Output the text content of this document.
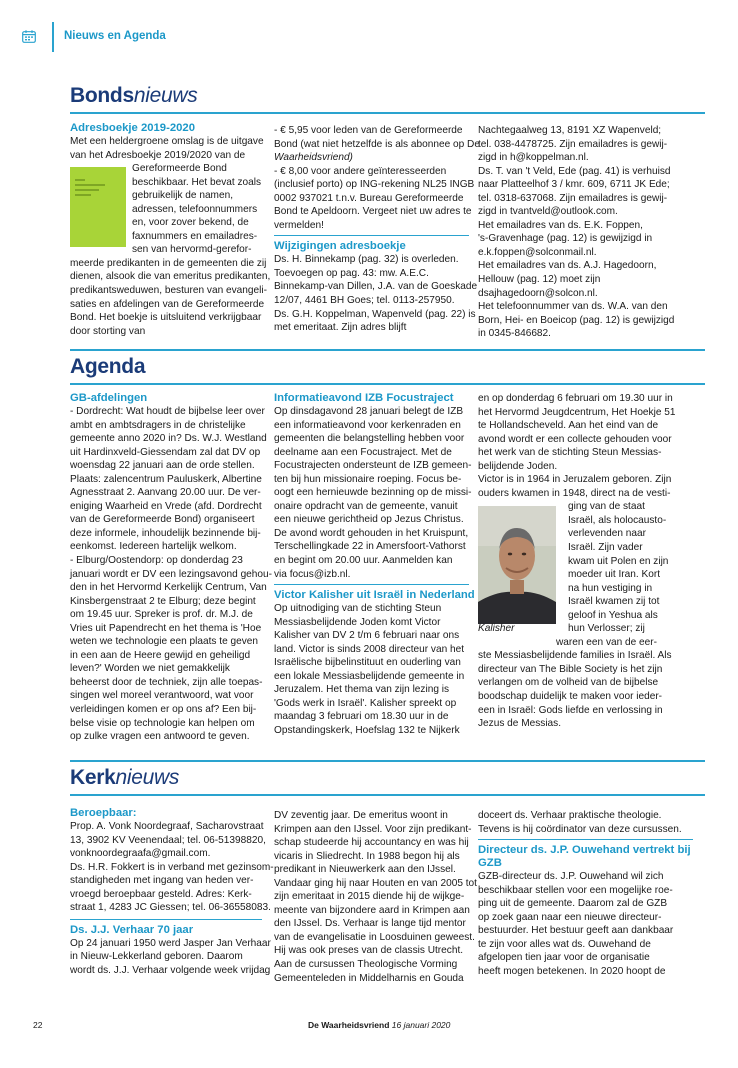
Nieuws en Agenda
Bondsnieuws
Adresboekje 2019-2020
Met een heldergroene omslag is de uitgave
van het Adresboekje 2019/2020 van de
Gereformeerde Bond
beschikbaar. Het bevat zoals
gebruikelijk de namen,
adressen, telefoonnummers
en, voor zover bekend, de
faxnummers en emailadres-
sen van hervormd-gerefor-
meerde predikanten in de gemeenten die zij
dienen, alsook die van emeritus predikanten,
predikantsweduwen, besturen van evangeli-
saties en afdelingen van de Gereformeerde
Bond. Het boekje is uitsluitend verkrijgbaar
door storting van
- € 5,95 voor leden van de Gereformeerde
Bond (wat niet hetzelfde is als abonnee op De
Waarheidsvriend)
- € 8,00 voor andere geïnteresseerden
(inclusief porto) op ING-rekening NL25 INGB
0002 937021 t.n.v. Bureau Gereformeerde
Bond te Apeldoorn. Vergeet niet uw adres te
vermelden!
Wijzigingen adresboekje
Ds. H. Binnekamp (pag. 32) is overleden.
Toevoegen op pag. 43: mw. A.E.C.
Binnekamp-van Dillen, J.A. van de Goeskade
12/07, 4461 BH Goes; tel. 0113-257950.
Ds. G.H. Koppelman, Wapenveld (pag. 22) is
met emeritaat. Zijn adres blijft
Nachtegaalweg 13, 8191 XZ Wapenveld;
tel. 038-4478725. Zijn emailadres is gewij-
zigd in h@koppelman.nl.
Ds. T. van 't Veld, Ede (pag. 41) is verhuisd
naar Platteelhof 3 / kmr. 609, 6711 JK Ede;
tel. 0318-637068. Zijn emailadres is gewij-
zigd in tvantveld@outlook.com.
Het emailadres van ds. E.K. Foppen,
's-Gravenhage (pag. 12) is gewijzigd in
e.k.foppen@solconmail.nl.
Het emailadres van ds. A.J. Hagedoorn,
Hellouw (pag. 12) moet zijn
dsajhagedoorn@solcon.nl.
Het telefoonnummer van ds. W.A. van den
Born, Hei- en Boeicop (pag. 12) is gewijzigd
in 0345-846682.
Agenda
GB-afdelingen
- Dordrecht: Wat houdt de bijbelse leer over
ambt en ambtsdragers in de christelijke
gemeente anno 2020 in? Ds. W.J. Westland
uit Hardinxveld-Giessendam zal dat DV op
woensdag 22 januari aan de orde stellen.
Plaats: zalencentrum Pauluskerk, Albertine
Agnesstraat 2. Aanvang 20.00 uur. De ver-
eniging Waarheid en Vrede (afd. Dordrecht
van de Gereformeerde Bond) organiseert
deze informele, inhoudelijk bezinnende bij-
eenkomst. Iedereen hartelijk welkom.
- Elburg/Oostendorp: op donderdag 23
januari wordt er DV een lezingsavond gehou-
den in het Hervormd Kerkelijk Centrum, Van
Kinsbergenstraat 2 te Elburg; deze begint
om 19.45 uur. Spreker is prof. dr. M.J. de
Vries uit Papendrecht en het thema is 'Hoe
weten we technologie een plaats te geven
in een aan de Heere gewijd en geheiligd
leven?' Worden we niet gemakkelijk
beheerst door de techniek, zijn alle toepas-
singen wel moreel verantwoord, wat voor
verleidingen komen er op ons af? Een bij-
belse visie op technologie kan helpen om
op zulke vragen een antwoord te geven.
Informatieavond IZB Focustraject
Op dinsdagavond 28 januari belegt de IZB
een informatieavond voor kerkenraden en
gemeenten die belangstelling hebben voor
deelname aan een Focustraject. Met de
Focustrajecten ondersteunt de IZB gemeen-
ten bij hun missionaire roeping. Focus be-
oogt een hernieuwde bezinning op de missi-
onaire opdracht van de gemeente, vanuit
een nieuwe gerichtheid op Jezus Christus.
De avond wordt gehouden in het Kruispunt,
Terschellingkade 22 in Amersfoort-Vathorst
en begint om 20.00 uur. Aanmelden kan
via focus@izb.nl.
Victor Kalisher uit Israël in Nederland
Op uitnodiging van de stichting Steun
Messiasbelijdende Joden komt Victor
Kalisher van DV 2 t/m 6 februari naar ons
land. Victor is sinds 2008 directeur van het
Israëlische bijbelinstituut en ouderling van
een lokale Messiasbelijdende gemeente in
Jeruzalem. Het thema van zijn lezing is
'Gods werk in Israël'. Kalisher spreekt op
maandag 3 februari om 18.30 uur in de
Opstandingskerk, Hoefslag 132 te Nijkerk
en op donderdag 6 februari om 19.30 uur in
het Hervormd Jeugdcentrum, Het Hoekje 51
te Hollandscheveld. Aan het eind van de
avond wordt er een collecte gehouden voor
het werk van de stichting Steun Messias-
belijdende Joden.
Victor is in 1964 in Jeruzalem geboren. Zijn
ouders kwamen in 1948, direct na de vesti-
ging van de staat
Israël, als holocausto-
verlevenden naar
Israël. Zijn vader
kwam uit Polen en zijn
moeder uit Iran. Kort
na hun vestiging in
Israël kwamen zij tot
geloof in Yeshua als
Kalisher	hun Verlosser; zij
waren een van de eer-
ste Messiasbelijdende families in Israël. Als
directeur van The Bible Society is het zijn
verlangen om de volheid van de bijbelse
boodschap duidelijk te maken voor ieder-
een in Israël: Gods liefde en verlossing in
Jezus de Messias.
Kerknieuws
Beroepbaar:
Prop. A. Vonk Noordegraaf, Sacharovstraat
13, 3902 KV Veenendaal; tel. 06-51398820,
vonknoordegraafa@gmail.com.
Ds. H.R. Fokkert is in verband met gezinsom-
standigheden met ingang van heden ver-
vroegd beroepbaar gesteld. Adres: Kerk-
straat 1, 4283 JC Giessen; tel. 06-36558083.
Ds. J.J. Verhaar 70 jaar
Op 24 januari 1950 werd Jasper Jan Verhaar
in Nieuw-Lekkerland geboren. Daarom
wordt ds. J.J. Verhaar volgende week vrijdag
DV zeventig jaar. De emeritus woont in
Krimpen aan den IJssel. Voor zijn predikant-
schap studeerde hij accountancy en was hij
vicaris in Sliedrecht. In 1988 begon hij als
predikant in Nieuwerkerk aan den IJssel.
Vandaar ging hij naar Houten en van 2005 tot
zijn emeritaat in 2015 diende hij de wijkge-
meente van bijzondere aard in Krimpen aan
den IJssel. Ds. Verhaar is lange tijd mentor
van de evangelisatie in Loosduinen geweest.
Hij was ook preses van de classis Utrecht.
Aan de cursussen Theologische Vorming
Gemeenteleden in Middelharnis en Gouda
doceert ds. Verhaar praktische theologie.
Tevens is hij coördinator van deze cursussen.
Directeur ds. J.P. Ouwehand vertrekt bij
GZB
GZB-directeur ds. J.P. Ouwehand wil zich
beschikbaar stellen voor een mogelijke roe-
ping uit de gemeente. Daarom zal de GZB
op zoek gaan naar een nieuwe directeur-
bestuurder. Het bestuur geeft aan dankbaar
te zijn voor alles wat ds. Ouwehand de
afgelopen tien jaar voor de organisatie
heeft mogen betekenen. In 2020 hoopt de
22	De Waarheidsvriend 16 januari 2020
